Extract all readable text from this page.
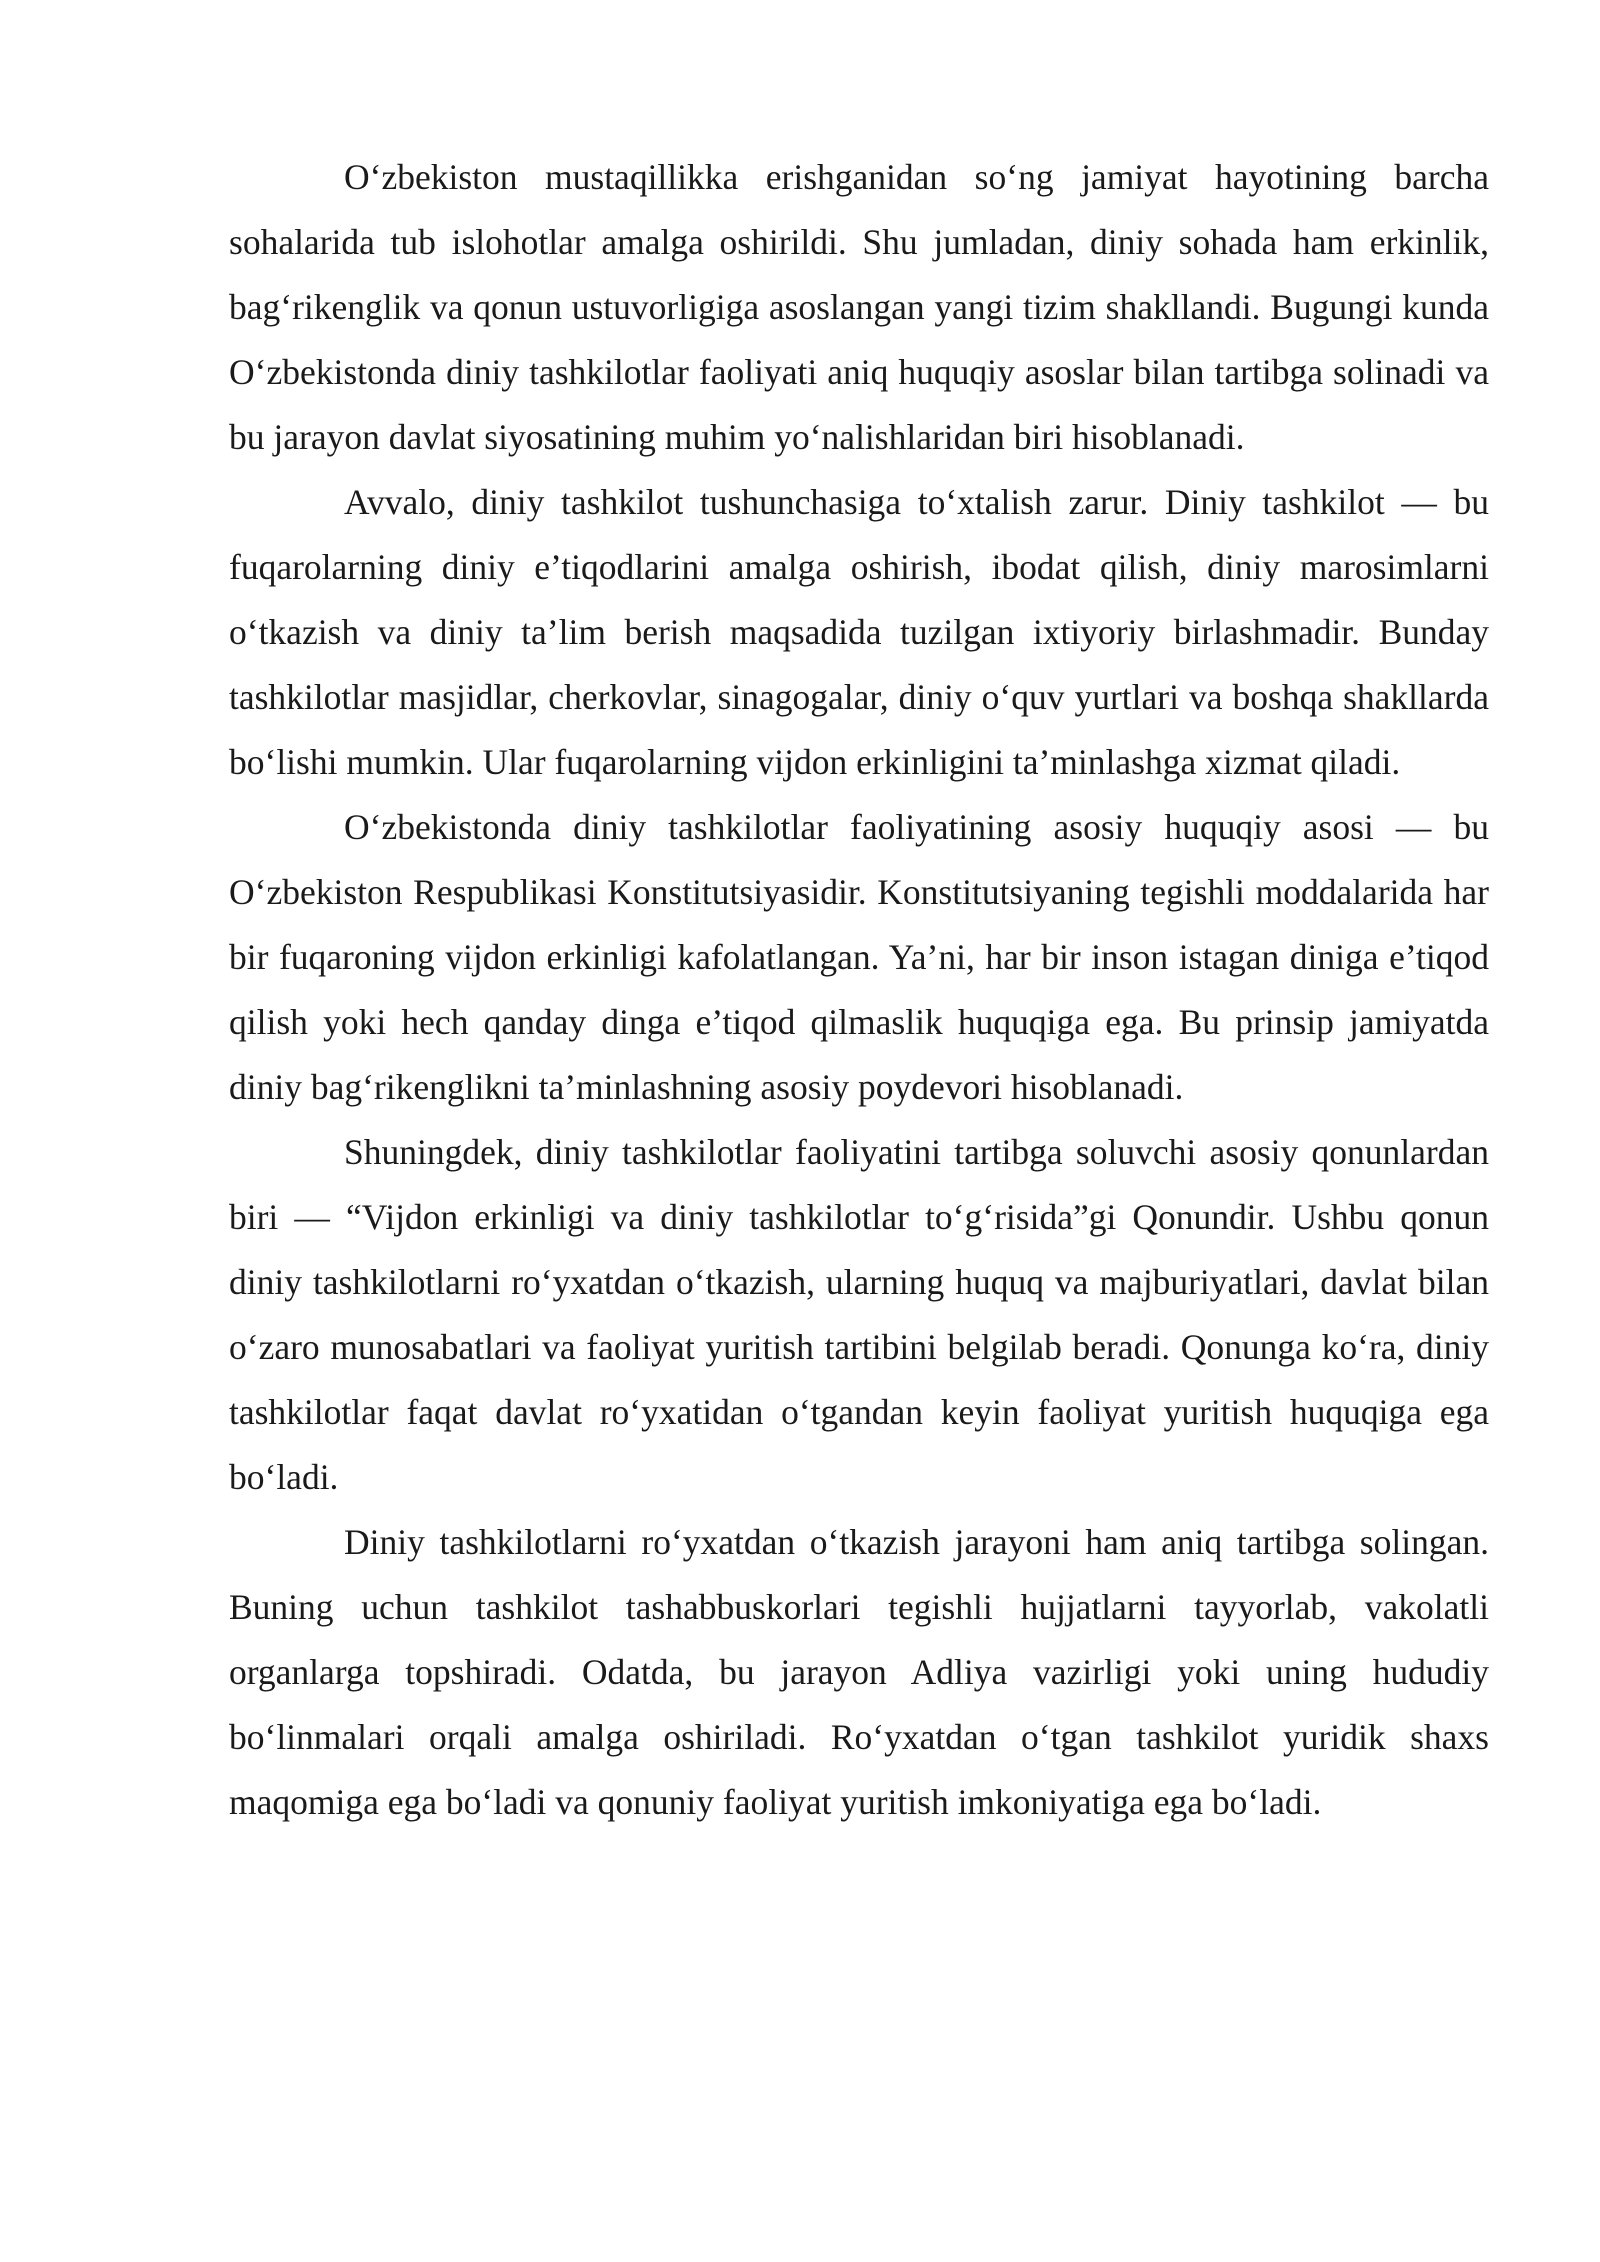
O‘zbekiston mustaqillikka erishganidan so‘ng jamiyat hayotining barcha sohalarida tub islohotlar amalga oshirildi. Shu jumladan, diniy sohada ham erkinlik, bag‘rikenglik va qonun ustuvorligiga asoslangan yangi tizim shakllandi. Bugungi kunda O‘zbekistonda diniy tashkilotlar faoliyati aniq huquqiy asoslar bilan tartibga solinadi va bu jarayon davlat siyosatining muhim yo‘nalishlaridan biri hisoblanadi.

Avvalo, diniy tashkilot tushunchasiga to‘xtalish zarur. Diniy tashkilot — bu fuqarolarning diniy e’tiqodlarini amalga oshirish, ibodat qilish, diniy marosimlarni o‘tkazish va diniy ta’lim berish maqsadida tuzilgan ixtiyoriy birlashmadir. Bunday tashkilotlar masjidlar, cherkovlar, sinagogalar, diniy o‘quv yurtlari va boshqa shakllarda bo‘lishi mumkin. Ular fuqarolarning vijdon erkinligini ta’minlashga xizmat qiladi.

O‘zbekistonda diniy tashkilotlar faoliyatining asosiy huquqiy asosi — bu O‘zbekiston Respublikasi Konstitutsiyasidir. Konstitutsiyaning tegishli moddalarida har bir fuqaroning vijdon erkinligi kafolatlangan. Ya’ni, har bir inson istagan diniga e’tiqod qilish yoki hech qanday dinga e’tiqod qilmaslik huquqiga ega. Bu prinsip jamiyatda diniy bag‘rikenglikni ta’minlashning asosiy poydevori hisoblanadi.

Shuningdek, diniy tashkilotlar faoliyatini tartibga soluvchi asosiy qonunlardan biri — “Vijdon erkinligi va diniy tashkilotlar to‘g‘risida”gi Qonundir. Ushbu qonun diniy tashkilotlarni ro‘yxatdan o‘tkazish, ularning huquq va majburiyatlari, davlat bilan o‘zaro munosabatlari va faoliyat yuritish tartibini belgilab beradi. Qonunga ko‘ra, diniy tashkilotlar faqat davlat ro‘yxatidan o‘tgandan keyin faoliyat yuritish huquqiga ega bo‘ladi.

Diniy tashkilotlarni ro‘yxatdan o‘tkazish jarayoni ham aniq tartibga solingan. Buning uchun tashkilot tashabbuskorlari tegishli hujjatlarni tayyorlab, vakolatli organlarga topshiradi. Odatda, bu jarayon Adliya vazirligi yoki uning hududiy bo‘linmalari orqali amalga oshiriladi. Ro‘yxatdan o‘tgan tashkilot yuridik shaxs maqomiga ega bo‘ladi va qonuniy faoliyat yuritish imkoniyatiga ega bo‘ladi.
